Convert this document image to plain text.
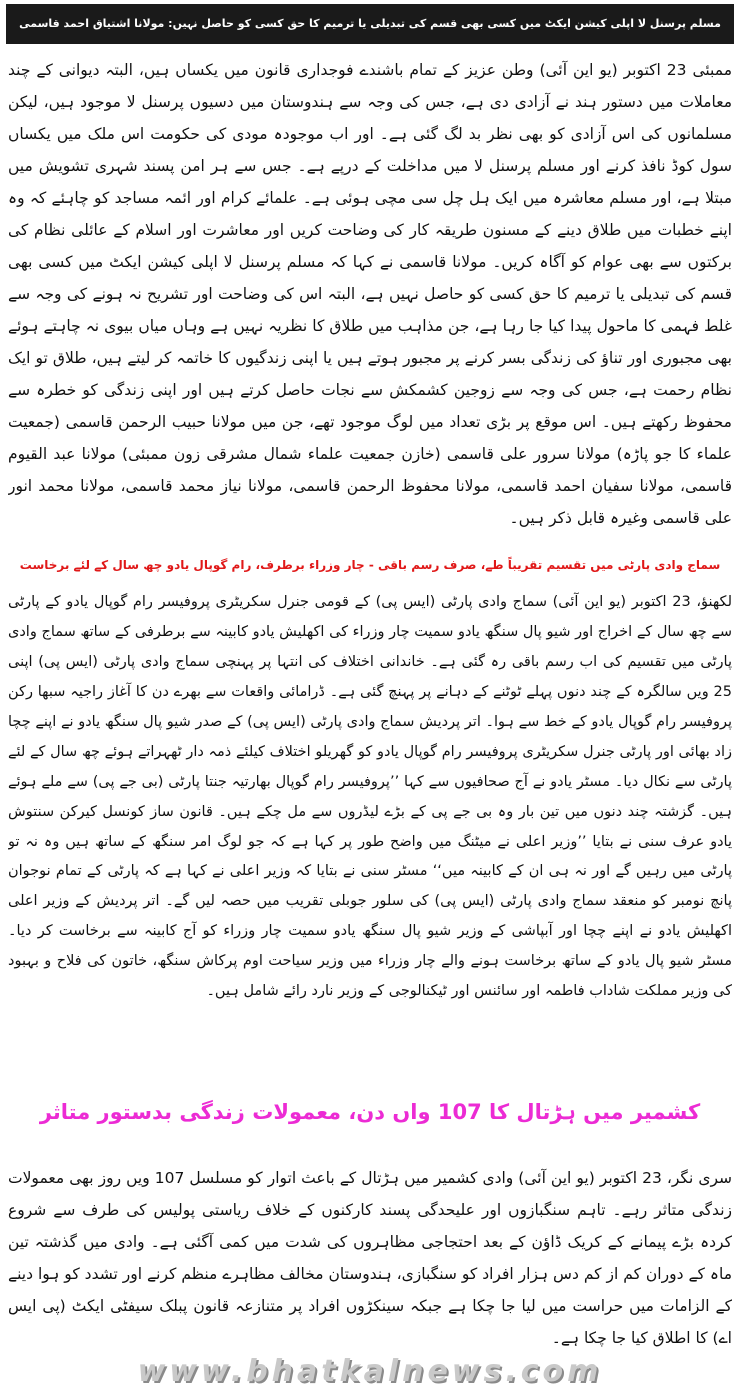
مسلم پرسنل لا اپلی کیشن ایکٹ میں کسی بھی قسم کی تبدیلی یا ترمیم کا حق کسی کو حاصل نہیں: مولانا اشتیاق احمد قاسمی
ممبئی 23 اکتوبر (یو این آئی) وطن عزیز کے تمام باشندے فوجداری قانون میں یکساں ہیں، البتہ دیوانی کے چند معاملات میں دستور ہند نے آزادی دی ہے، جس کی وجہ سے ہندوستان میں دسیوں پرسنل لا موجود ہیں، لیکن مسلمانوں کی اس آزادی کو بھی نظر بد لگ گئی ہے۔ اور اب موجودہ مودی کی حکومت اس ملک میں یکساں سول کوڈ نافذ کرنے اور مسلم پرسنل لا میں مداخلت کے درپے ہے۔ جس سے ہر امن پسند شہری تشویش میں مبتلا ہے، اور مسلم معاشرہ میں ایک ہل چل سی مچی ہوئی ہے۔ علمائے کرام اور ائمہ مساجد کو چاہئے کہ وہ اپنے خطبات میں طلاق دینے کے مسنون طریقہ کار کی وضاحت کریں اور معاشرت اور اسلام کے عائلی نظام کی برکتوں سے بھی عوام کو آگاہ کریں۔ مولانا قاسمی نے کہا کہ مسلم پرسنل لا اپلی کیشن ایکٹ میں کسی بھی قسم کی تبدیلی یا ترمیم کا حق کسی کو حاصل نہیں ہے، البتہ اس کی وضاحت اور تشریح نہ ہونے کی وجہ سے غلط فہمی کا ماحول پیدا کیا جا رہا ہے، جن مذاہب میں طلاق کا نظریہ نہیں ہے وہاں میاں بیوی نہ چاہتے ہوئے بھی مجبوری اور تناؤ کی زندگی بسر کرنے پر مجبور ہوتے ہیں یا اپنی زندگیوں کا خاتمہ کر لیتے ہیں، طلاق تو ایک نظام رحمت ہے، جس کی وجہ سے زوجین کشمکش سے نجات حاصل کرتے ہیں اور اپنی زندگی کو خطرہ سے محفوظ رکھتے ہیں۔ اس موقع پر بڑی تعداد میں لوگ موجود تھے، جن میں مولانا حبیب الرحمن قاسمی (جمعیت علماء کا جو پاڑہ) مولانا سرور علی قاسمی (خازن جمعیت علماء شمال مشرقی زون ممبئی) مولانا عبد القیوم قاسمی، مولانا سفیان احمد قاسمی، مولانا محفوظ الرحمن قاسمی، مولانا نیاز محمد قاسمی، مولانا محمد انور علی قاسمی وغیرہ قابل ذکر ہیں۔
سماج وادی پارٹی میں تقسیم تقریباً طے، صرف رسم باقی - چار وزراء برطرف، رام گوپال یادو چھ سال کے لئے برخاست
لکھنؤ، 23 اکتوبر (یو این آئی) سماج وادی پارٹی (ایس پی) کے قومی جنرل سکریٹری پروفیسر رام گوپال یادو کے پارٹی سے چھ سال کے اخراج اور شیو پال سنگھ یادو سمیت چار وزراء کی اکھلیش یادو کابینہ سے برطرفی کے ساتھ سماج وادی پارٹی میں تقسیم کی اب رسم باقی رہ گئی ہے۔ خاندانی اختلاف کی انتہا پر پہنچی سماج وادی پارٹی (ایس پی) اپنی 25 ویں سالگرہ کے چند دنوں پہلے ٹوٹنے کے دہانے پر پہنچ گئی ہے۔ ڈرامائی واقعات سے بھرے دن کا آغاز راجیہ سبھا رکن پروفیسر رام گوپال یادو کے خط سے ہوا۔ اتر پردیش سماج وادی پارٹی (ایس پی) کے صدر شیو پال سنگھ یادو نے اپنے چچا زاد بھائی اور پارٹی جنرل سکریٹری پروفیسر رام گوپال یادو کو گھریلو اختلاف کیلئے ذمہ دار ٹھہراتے ہوئے چھ سال کے لئے پارٹی سے نکال دیا۔ مسٹر یادو نے آج صحافیوں سے کہا ’’پروفیسر رام گوپال بھارتیہ جنتا پارٹی (بی جے پی) سے ملے ہوئے ہیں۔ گزشتہ چند دنوں میں تین بار وہ بی جے پی کے بڑے لیڈروں سے مل چکے ہیں۔ قانون ساز کونسل کیرکن سنتوش یادو عرف سنی نے بتایا ’’وزیر اعلی نے میٹنگ میں واضح طور پر کہا ہے کہ جو لوگ امر سنگھ کے ساتھ ہیں وہ نہ تو پارٹی میں رہیں گے اور نہ ہی ان کے کابینہ میں‘‘ مسٹر سنی نے بتایا کہ وزیر اعلی نے کہا ہے کہ پارٹی کے تمام نوجوان پانچ نومبر کو منعقد سماج وادی پارٹی (ایس پی) کی سلور جوبلی تقریب میں حصہ لیں گے۔ اتر پردیش کے وزیر اعلی اکھلیش یادو نے اپنے چچا اور آبپاشی کے وزیر شیو پال سنگھ یادو سمیت چار وزراء کو آج کابینہ سے برخاست کر دیا۔ مسٹر شیو پال یادو کے ساتھ برخاست ہونے والے چار وزراء میں وزیر سیاحت اوم پرکاش سنگھ، خاتون کی فلاح و بہبود کی وزیر مملکت شاداب فاطمہ اور سائنس اور ٹیکنالوجی کے وزیر نارد رائے شامل ہیں۔
کشمیر میں ہڑتال کا 107 واں دن، معمولات زندگی بدستور متاثر
سری نگر، 23 اکتوبر (یو این آئی) وادی کشمیر میں ہڑتال کے باعث اتوار کو مسلسل 107 ویں روز بھی معمولات زندگی متاثر رہے۔ تاہم سنگبازوں اور علیحدگی پسند کارکنوں کے خلاف ریاستی پولیس کی طرف سے شروع کردہ بڑے پیمانے کے کریک ڈاؤن کے بعد احتجاجی مظاہروں کی شدت میں کمی آگئی ہے۔ وادی میں گذشتہ تین ماہ کے دوران کم از کم دس ہزار افراد کو سنگبازی، ہندوستان مخالف مظاہرے منظم کرنے اور تشدد کو ہوا دینے کے الزامات میں حراست میں لیا جا چکا ہے جبکہ سینکڑوں افراد پر متنازعہ قانون پبلک سیفٹی ایکٹ (پی ایس اے) کا اطلاق کیا جا چکا ہے۔
www.bhatkalnews.com
